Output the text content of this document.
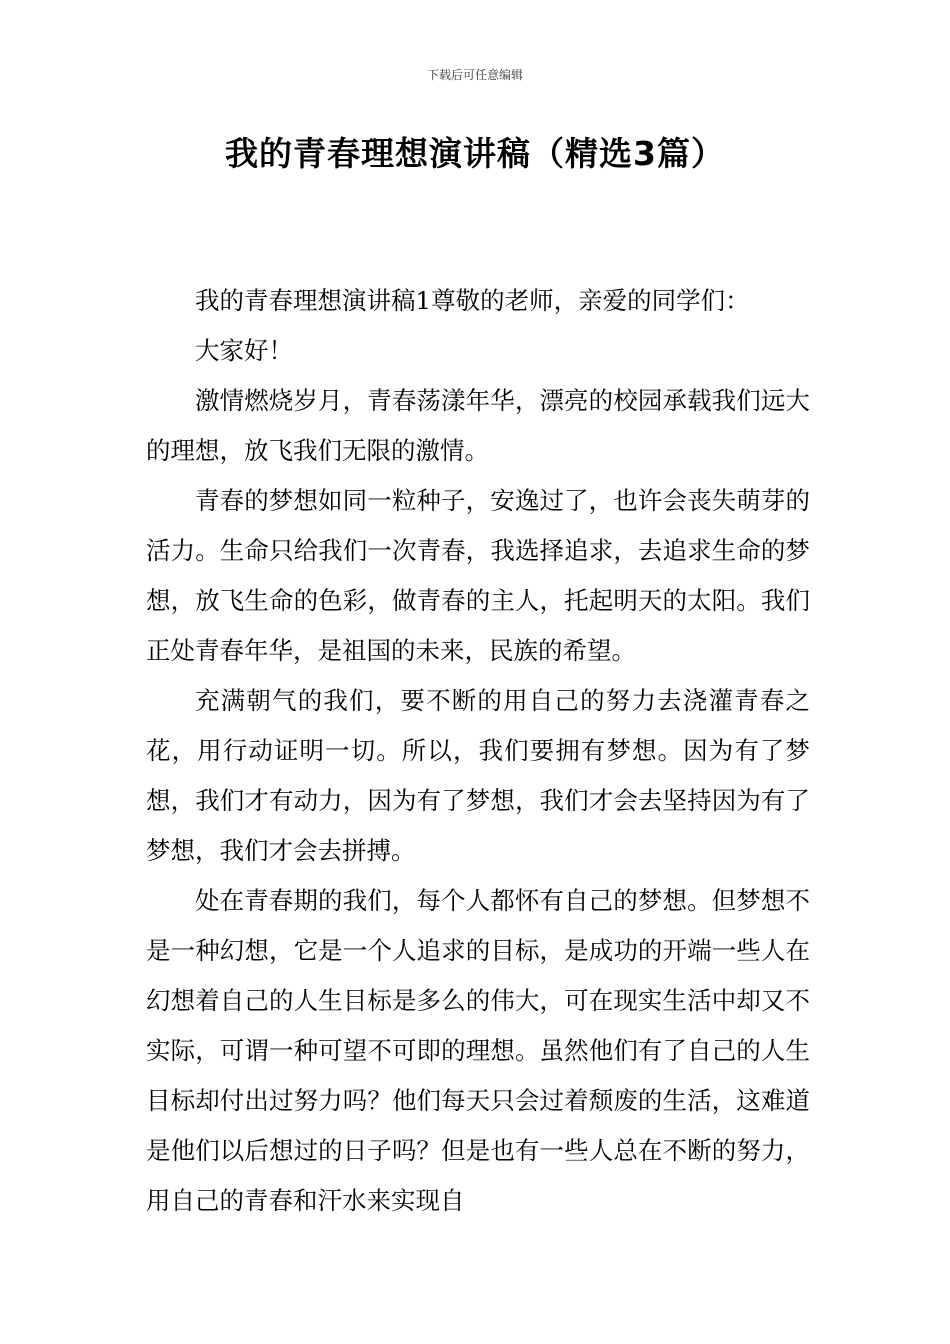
下载后可任意编辑
我的青春理想演讲稿（精选3篇）

我的青春理想演讲稿1尊敬的老师，亲爱的同学们：

大家好！

激情燃烧岁月，青春荡漾年华，漂亮的校园承载我们远大的理想，放飞我们无限的激情。

青春的梦想如同一粒种子，安逸过了，也许会丧失萌芽的活力。生命只给我们一次青春，我选择追求，去追求生命的梦想，放飞生命的色彩，做青春的主人，托起明天的太阳。我们正处青春年华，是祖国的未来，民族的希望。

充满朝气的我们，要不断的用自己的努力去浇灌青春之花，用行动证明一切。所以，我们要拥有梦想。因为有了梦想，我们才有动力，因为有了梦想，我们才会去坚持因为有了梦想，我们才会去拼搏。

处在青春期的我们，每个人都怀有自己的梦想。但梦想不是一种幻想，它是一个人追求的目标，是成功的开端一些人在幻想着自己的人生目标是多么的伟大，可在现实生活中却又不实际，可谓一种可望不可即的理想。虽然他们有了自己的人生目标却付出过努力吗？他们每天只会过着颓废的生活，这难道是他们以后想过的日子吗？但是也有一些人总在不断的努力，用自己的青春和汗水来实现自
